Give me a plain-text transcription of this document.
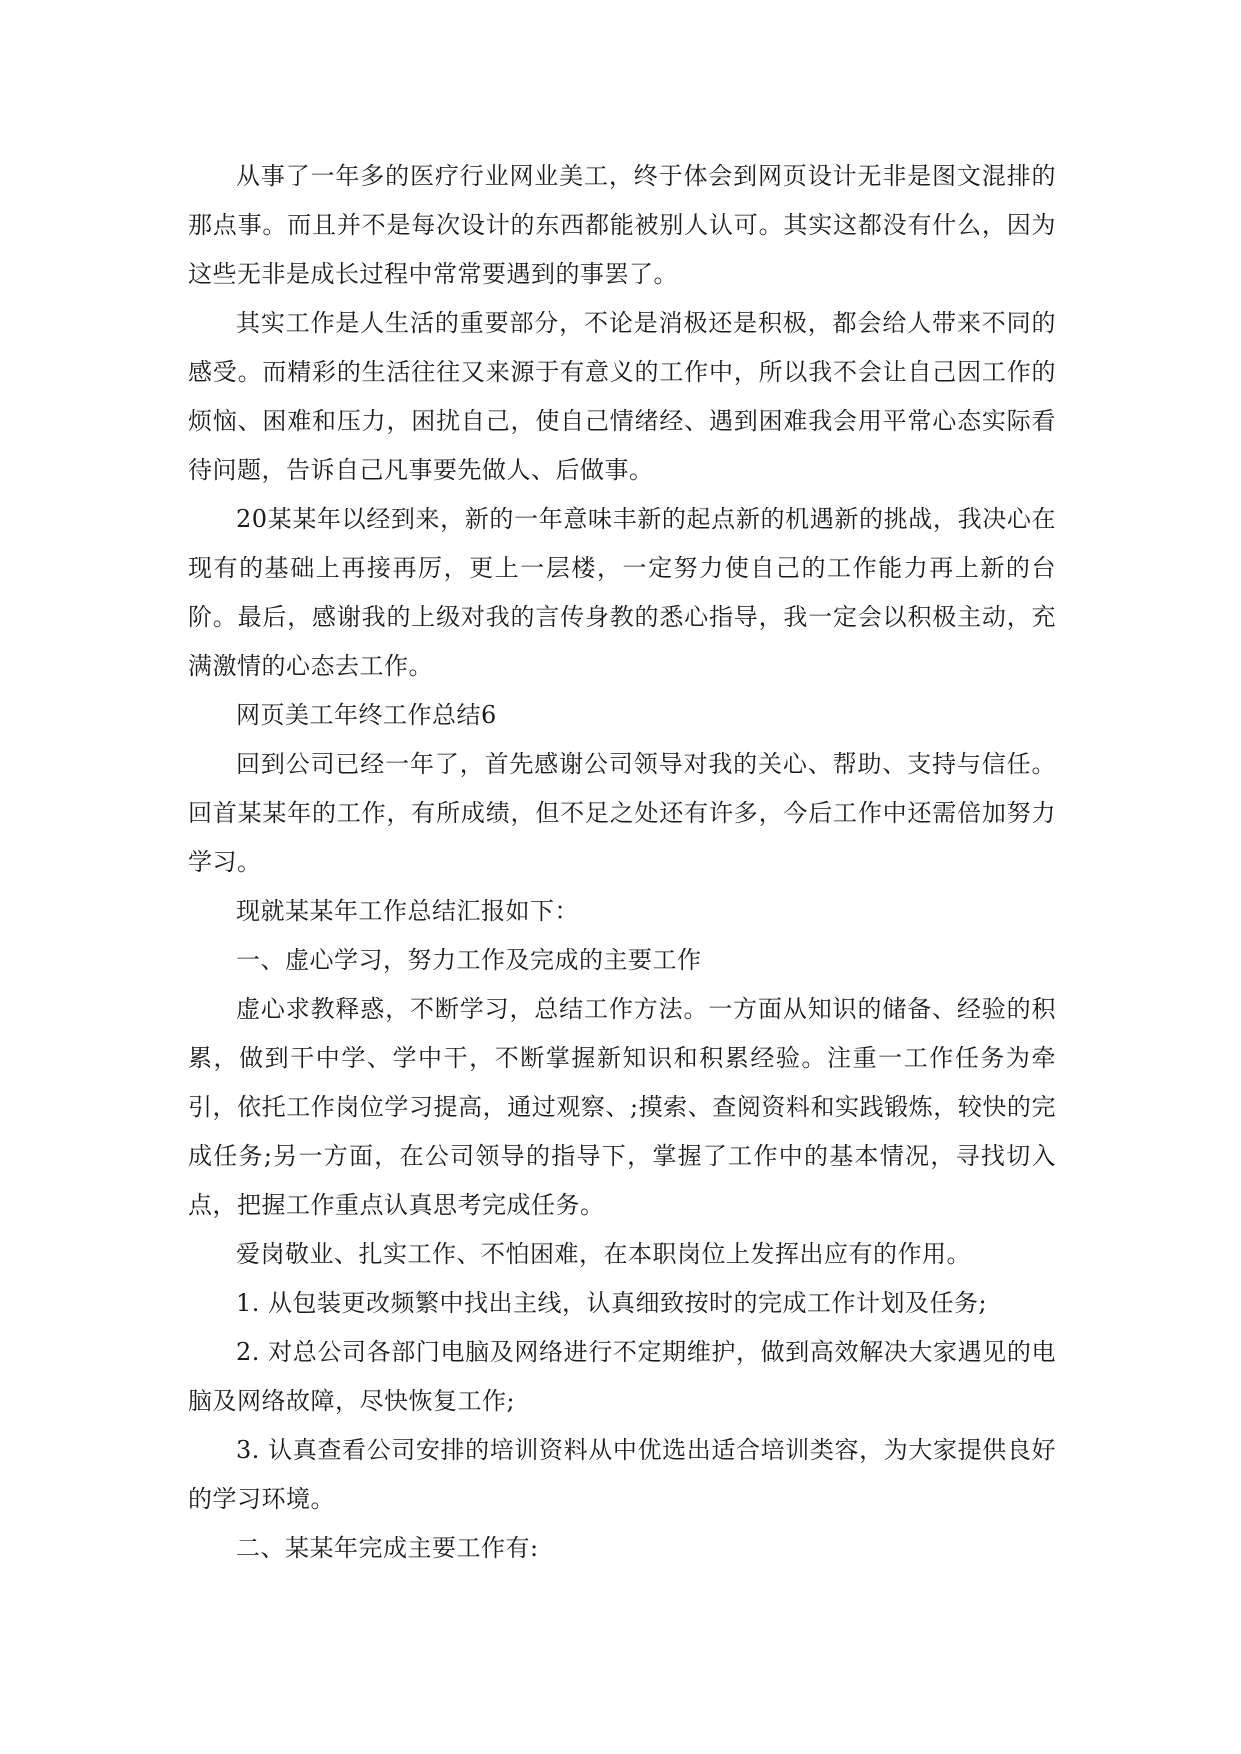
从事了一年多的医疗行业网业美工，终于体会到网页设计无非是图文混排的那点事。而且并不是每次设计的东西都能被别人认可。其实这都没有什么，因为这些无非是成长过程中常常要遇到的事罢了。

其实工作是人生活的重要部分，不论是消极还是积极，都会给人带来不同的感受。而精彩的生活往往又来源于有意义的工作中，所以我不会让自己因工作的烦恼、困难和压力，困扰自己，使自己情绪经、遇到困难我会用平常心态实际看待问题，告诉自己凡事要先做人、后做事。

20某某年以经到来，新的一年意味丰新的起点新的机遇新的挑战，我决心在现有的基础上再接再厉，更上一层楼，一定努力使自己的工作能力再上新的台阶。最后，感谢我的上级对我的言传身教的悉心指导，我一定会以积极主动，充满激情的心态去工作。

网页美工年终工作总结6

回到公司已经一年了，首先感谢公司领导对我的关心、帮助、支持与信任。回首某某年的工作，有所成绩，但不足之处还有许多，今后工作中还需倍加努力学习。

现就某某年工作总结汇报如下：

一、虚心学习，努力工作及完成的主要工作

虚心求教释惑，不断学习，总结工作方法。一方面从知识的储备、经验的积累，做到干中学、学中干，不断掌握新知识和积累经验。注重一工作任务为牵引，依托工作岗位学习提高，通过观察、;摸索、查阅资料和实践锻炼，较快的完成任务;另一方面，在公司领导的指导下，掌握了工作中的基本情况，寻找切入点，把握工作重点认真思考完成任务。

爱岗敬业、扎实工作、不怕困难，在本职岗位上发挥出应有的作用。

1. 从包装更改频繁中找出主线，认真细致按时的完成工作计划及任务;

2. 对总公司各部门电脑及网络进行不定期维护，做到高效解决大家遇见的电脑及网络故障，尽快恢复工作;

3. 认真查看公司安排的培训资料从中优选出适合培训类容，为大家提供良好的学习环境。

二、某某年完成主要工作有:
